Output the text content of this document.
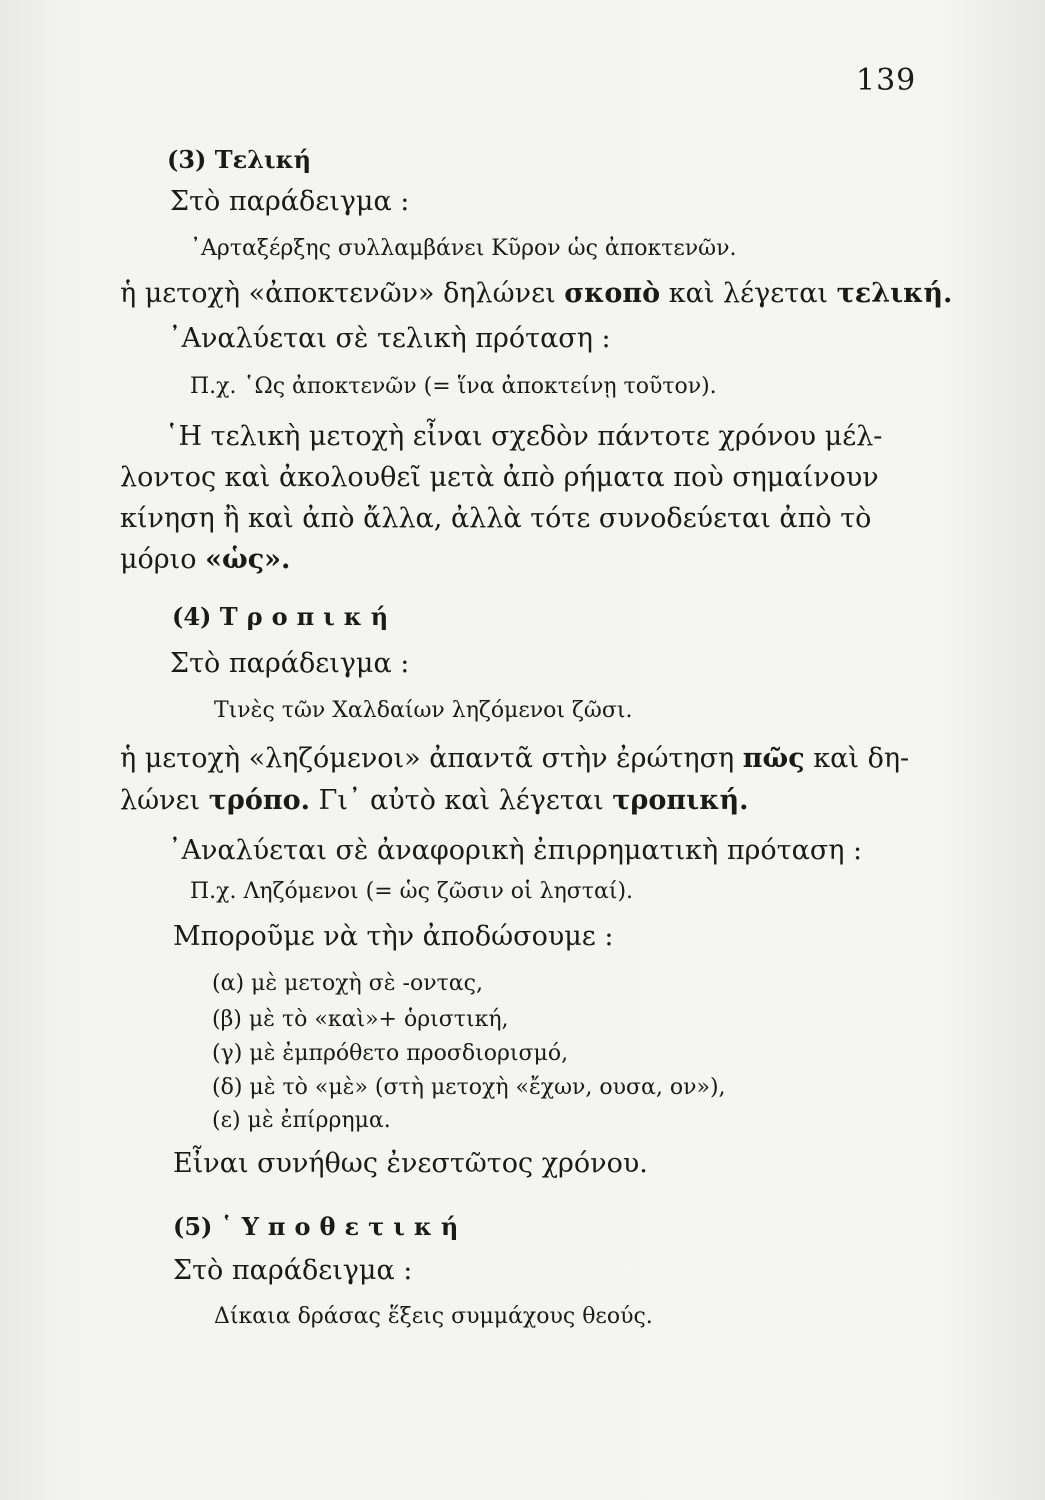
139
(3) Τελική
Στὸ παράδειγμα :
᾿Αρταξέρξης συλλαμβάνει Κῦρον ὡς ἀποκτενῶν.
ἡ μετοχὴ «ἀποκτενῶν» δηλώνει σκοπὸ καὶ λέγεται τελική.
᾿Αναλύεται σὲ τελικὴ πρόταση :
Π.χ. ῾Ως ἀποκτενῶν (= ἵνα ἀποκτείνῃ τοῦτον).
῾Η τελικὴ μετοχὴ εἶναι σχεδὸν πάντοτε χρόνου μέλ-
λοντος καὶ ἀκολουθεῖ μετὰ ἀπὸ ρήματα ποὺ σημαίνουν
κίνηση ἢ καὶ ἀπὸ ἄλλα, ἀλλὰ τότε συνοδεύεται ἀπὸ τὸ
μόριο «ὡς».
(4) Τροπική
Στὸ παράδειγμα :
Τινὲς τῶν Χαλδαίων ληζόμενοι ζῶσι.
ἡ μετοχὴ «ληζόμενοι» ἀπαντᾶ στὴν ἐρώτηση πῶς καὶ δη-
λώνει τρόπο. Γι᾿ αὐτὸ καὶ λέγεται τροπική.
᾿Αναλύεται σὲ ἀναφορικὴ ἐπιρρηματικὴ πρόταση :
Π.χ. Ληζόμενοι (= ὡς ζῶσιν οἱ λησταί).
Μποροῦμε νὰ τὴν ἀποδώσουμε :
(α) μὲ μετοχὴ σὲ -οντας,
(β) μὲ τὸ «καὶ»+ ὁριστική,
(γ) μὲ ἐμπρόθετο προσδιορισμό,
(δ) μὲ τὸ «μὲ» (στὴ μετοχὴ «ἔχων, ουσα, ον»),
(ε) μὲ ἐπίρρημα.
Εἶναι συνήθως ἐνεστῶτος χρόνου.
(5) ῾Υποθετική
Στὸ παράδειγμα :
Δίκαια δράσας ἕξεις συμμάχους θεούς.
